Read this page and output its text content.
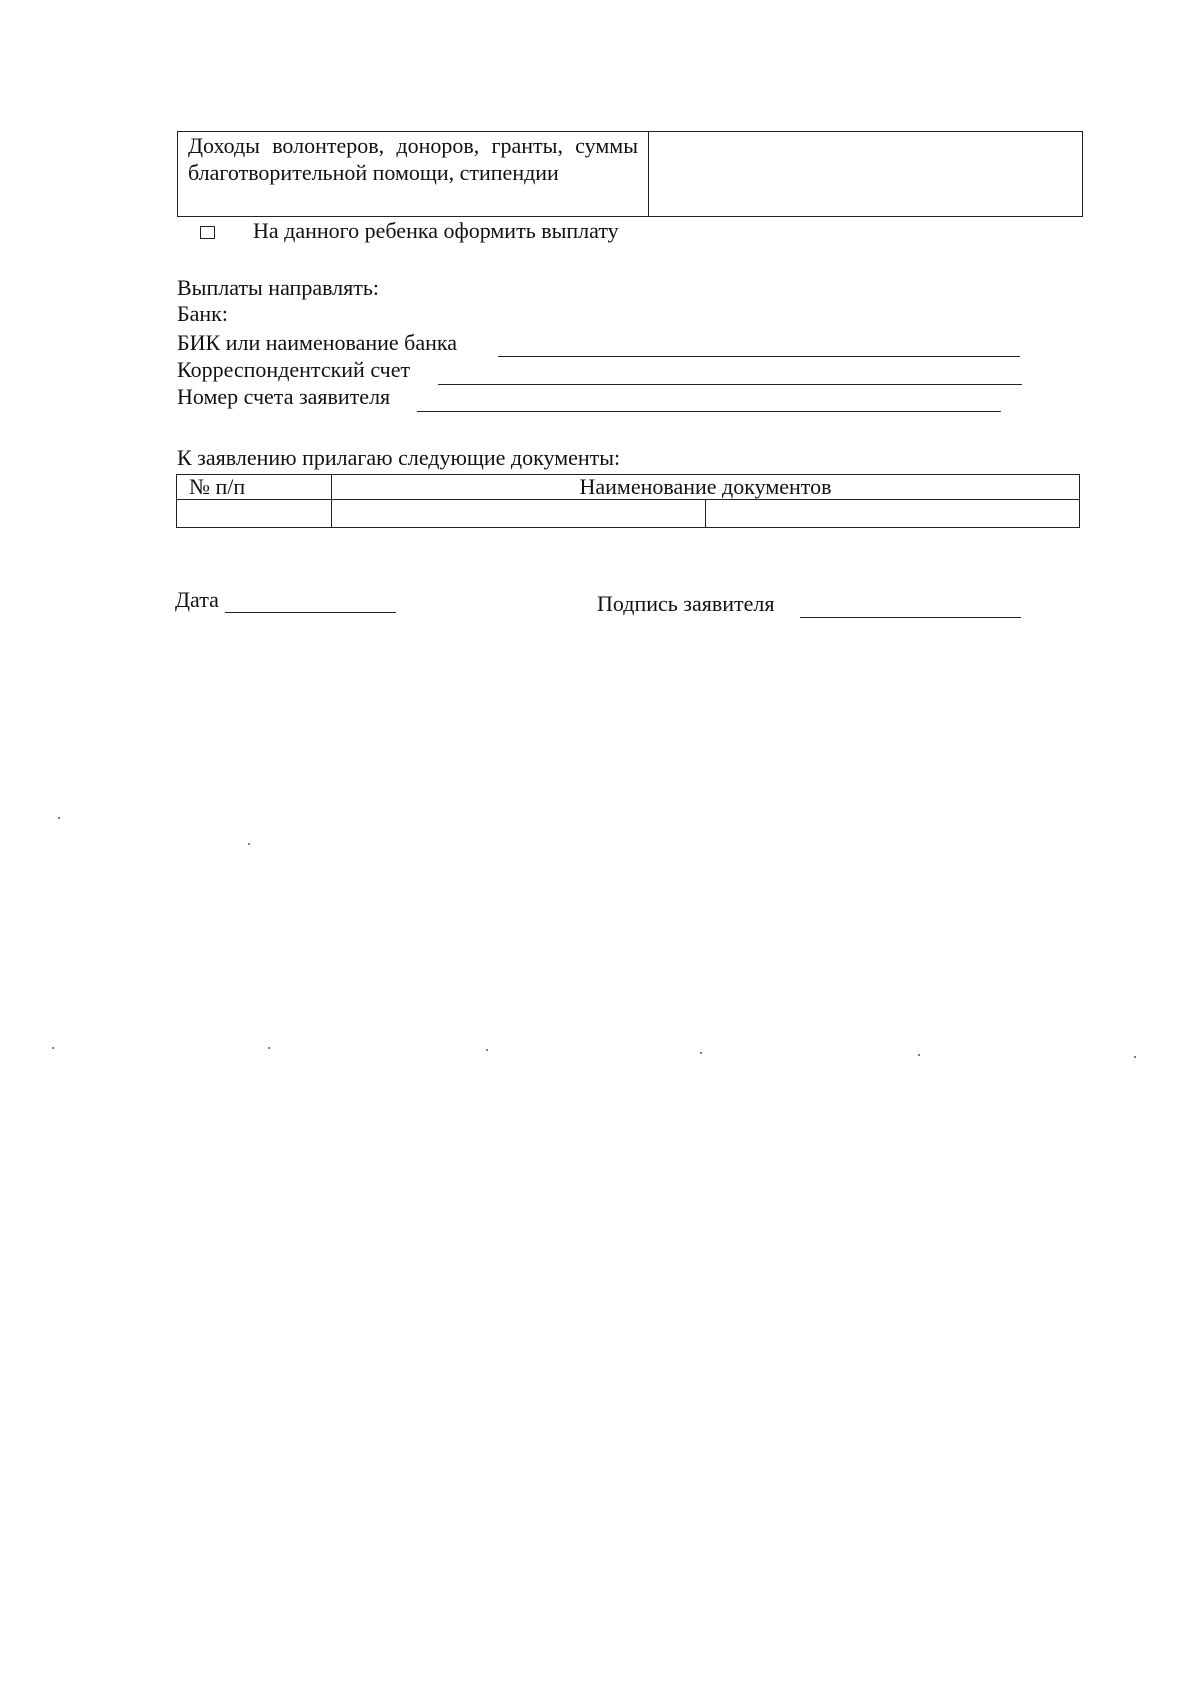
Доходы волонтеров, доноров, гранты, суммы благотворительной помощи, стипендии

На данного ребенка оформить выплату
Выплаты направлять:
Банк:
БИК или наименование банка
Корреспондентский счет
Номер счета заявителя
К заявлению прилагаю следующие документы:
№ п/п	Наименование документов

Дата	Подпись заявителя
